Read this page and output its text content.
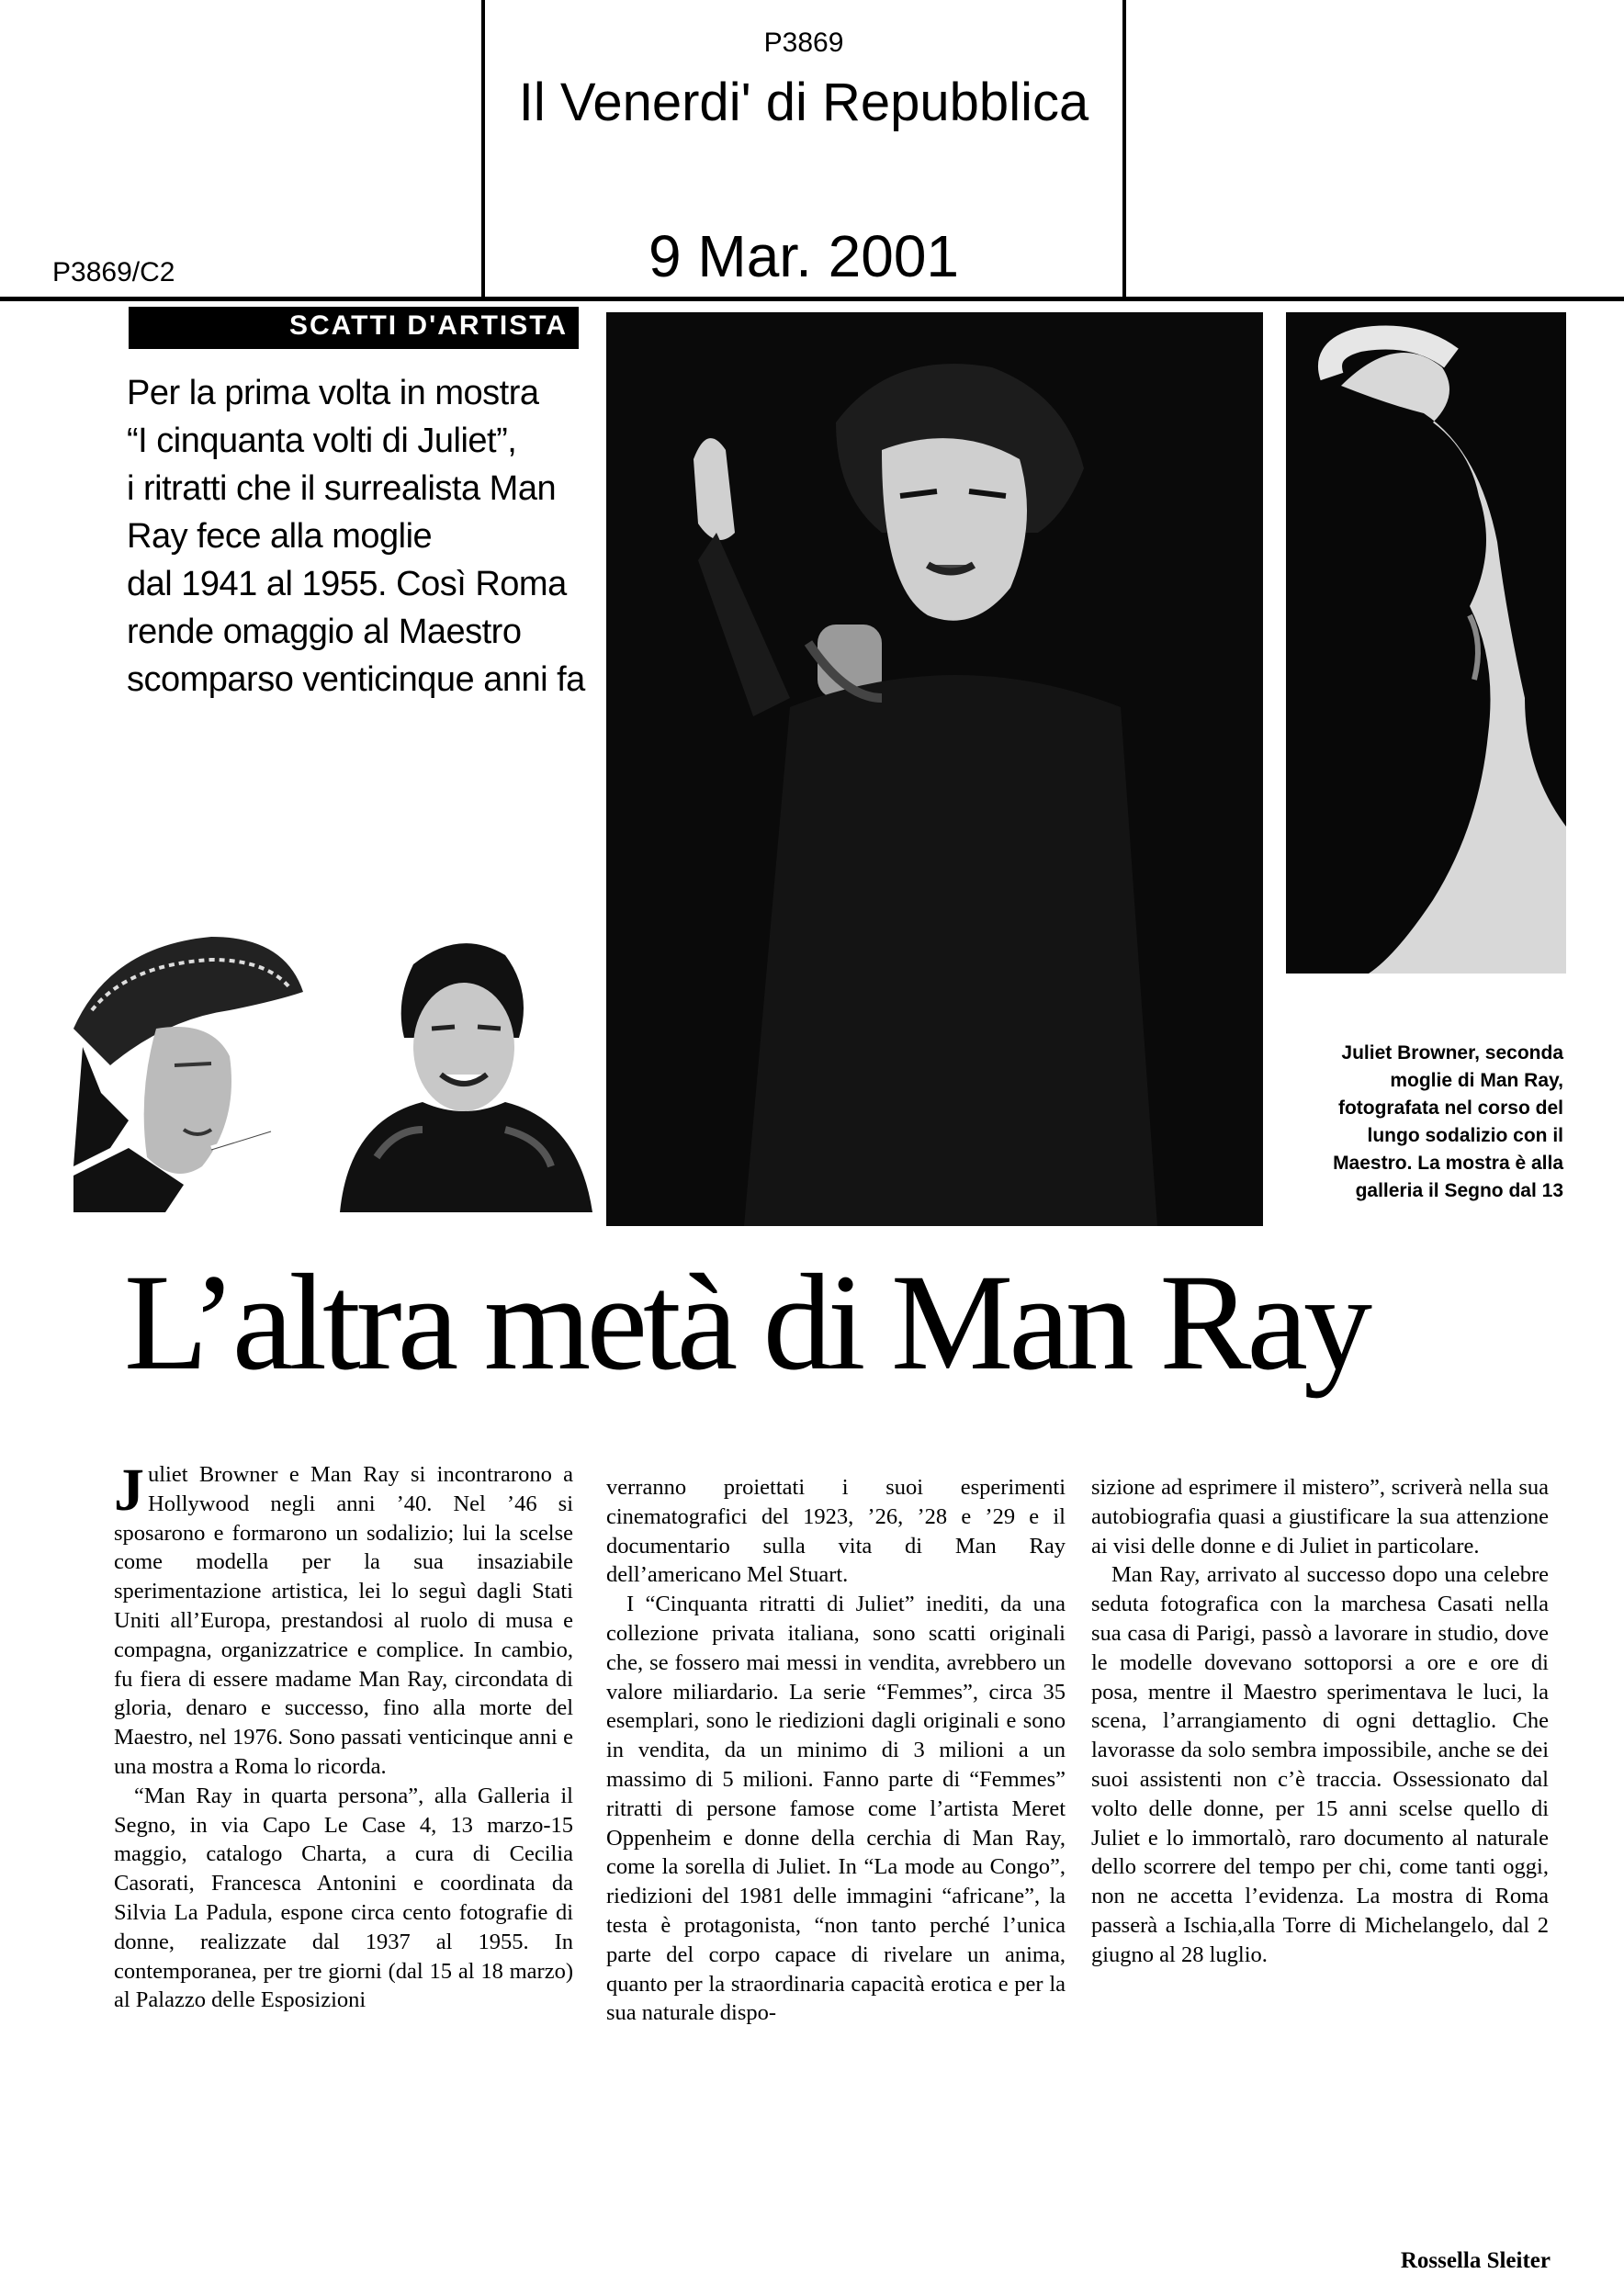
P3869
Il Venerdi' di Repubblica
9 Mar. 2001
P3869/C2
SCATTI D'ARTISTA
Per la prima volta in mostra
“I cinquanta volti di Juliet”,
i ritratti che il surrealista Man
Ray fece alla moglie
dal 1941 al 1955. Così Roma
rende omaggio al Maestro
scomparso venticinque anni fa
Juliet Browner, seconda
moglie di Man Ray,
fotografata nel corso del
lungo sodalizio con il
Maestro. La mostra è alla
galleria il Segno dal 13
L’altra metà di Man Ray

Juliet Browner e Man Ray si incontrarono a Hollywood negli anni ’40. Nel ’46 si sposarono e formarono un sodalizio; lui la scelse come modella per la sua insaziabile sperimentazione artistica, lei lo seguì dagli Stati Uniti all’Europa, prestandosi al ruolo di musa e compagna, organizzatrice e complice. In cambio, fu fiera di essere madame Man Ray, circondata di gloria, denaro e successo, fino alla morte del Maestro, nel 1976. Sono passati venticinque anni e una mostra a Roma lo ricorda.

“Man Ray in quarta persona”, alla Galleria il Segno, in via Capo Le Case 4, 13 marzo-15 maggio, catalogo Charta, a cura di Cecilia Casorati, Francesca Antonini e coordinata da Silvia La Padula, espone circa cento fotografie di donne, realizzate dal 1937 al 1955. In contemporanea, per tre giorni (dal 15 al 18 marzo) al Palazzo delle Esposizioni

verranno proiettati i suoi esperimenti cinematografici del 1923, ’26, ’28 e ’29 e il documentario sulla vita di Man Ray dell’americano Mel Stuart.

I “Cinquanta ritratti di Juliet” inediti, da una collezione privata italiana, sono scatti originali che, se fossero mai messi in vendita, avrebbero un valore miliardario. La serie “Femmes”, circa 35 esemplari, sono le riedizioni dagli originali e sono in vendita, da un minimo di 3 milioni a un massimo di 5 milioni. Fanno parte di “Femmes” ritratti di persone famose come l’artista Meret Oppenheim e donne della cerchia di Man Ray, come la sorella di Juliet. In “La mode au Congo”, riedizioni del 1981 delle immagini “africane”, la testa è protagonista, “non tanto perché l’unica parte del corpo capace di rivelare un anima, quanto per la straordinaria capacità erotica e per la sua naturale dispo-

sizione ad esprimere il mistero”, scriverà nella sua autobiografia quasi a giustificare la sua attenzione ai visi delle donne e di Juliet in particolare.

Man Ray, arrivato al successo dopo una celebre seduta fotografica con la marchesa Casati nella sua casa di Parigi, passò a lavorare in studio, dove le modelle dovevano sottoporsi a ore e ore di posa, mentre il Maestro sperimentava le luci, la scena, l’arrangiamento di ogni dettaglio. Che lavorasse da solo sembra impossibile, anche se dei suoi assistenti non c’è traccia. Ossessionato dal volto delle donne, per 15 anni scelse quello di Juliet e lo immortalò, raro documento al naturale dello scorrere del tempo per chi, come tanti oggi, non ne accetta l’evidenza. La mostra di Roma passerà a Ischia,alla Torre di Michelangelo, dal 2 giugno al 28 luglio.

Rossella Sleiter
